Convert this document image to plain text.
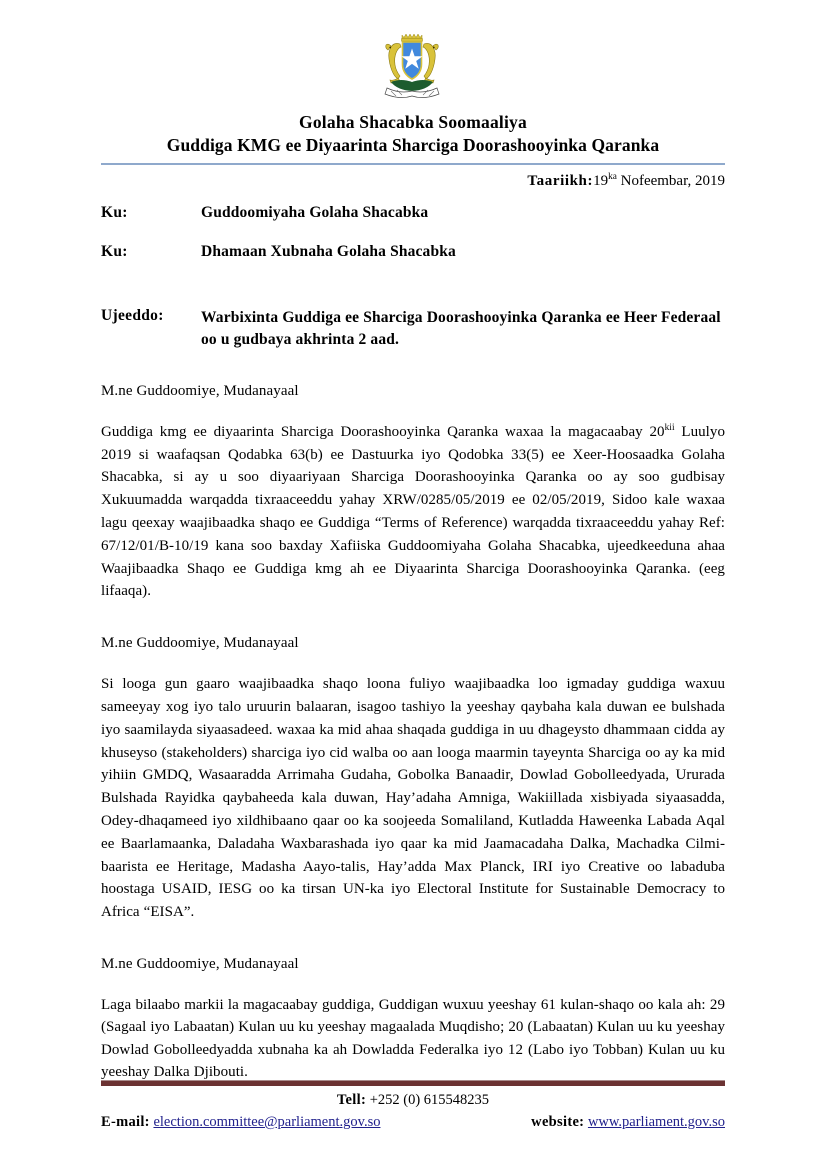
Golaha Shacabka Soomaaliya
Guddiga KMG ee Diyaarinta Sharciga Doorashooyinka Qaranka
$Taariikh:19^{ka}$ Nofeembar, 2019
Ku:	Guddoomiyaha Golaha Shacabka
Ku:	Dhamaan Xubnaha Golaha Shacabka
Ujeeddo:	Warbixinta Guddiga ee Sharciga Doorashooyinka Qaranka ee Heer Federaal oo u gudbaya akhrinta 2 aad.
M.ne Guddoomiye, Mudanayaal
Guddiga kmg ee diyaarinta Sharciga Doorashooyinka Qaranka waxaa la magacaabay $20^{kii}$ Luulyo 2019 si waafaqsan Qodabka 63(b) ee Dastuurka iyo Qodobka 33(5) ee Xeer-Hoosaadka Golaha Shacabka, si ay u soo diyaariyaan Sharciga Doorashooyinka Qaranka oo ay soo gudbisay Xukuumadda warqadda tixraaceeddu yahay XRW/0285/05/2019 ee 02/05/2019, Sidoo kale waxaa lagu qeexay waajibaadka shaqo ee Guddiga “Terms of Reference) warqadda tixraaceeddu yahay Ref: 67/12/01/B-10/19 kana soo baxday Xafiiska Guddoomiyaha Golaha Shacabka, ujeedkeeduna ahaa Waajibaadka Shaqo ee Guddiga kmg ah ee Diyaarinta Sharciga Doorashooyinka Qaranka. (eeg lifaaqa).
M.ne Guddoomiye, Mudanayaal
Si looga gun gaaro waajibaadka shaqo loona fuliyo waajibaadka loo igmaday guddiga waxuu sameeyay xog iyo talo uruurin balaaran, isagoo tashiyo la yeeshay qaybaha kala duwan ee bulshada iyo saamilayda siyaasadeed. waxaa ka mid ahaa shaqada guddiga in uu dhageysto dhammaan cidda ay khuseyso (stakeholders) sharciga iyo cid walba oo aan looga maarmin tayeynta Sharciga oo ay ka mid yihiin GMDQ, Wasaaradda Arrimaha Gudaha, Gobolka Banaadir, Dowlad Gobolleedyada, Ururada Bulshada Rayidka qaybaheeda kala duwan, Hay’adaha Amniga, Wakiillada xisbiyada siyaasadda, Odey-dhaqameed iyo xildhibaano qaar oo ka soojeeda Somaliland, Kutladda Haweenka Labada Aqal ee Baarlamaanka, Daladaha Waxbarashada iyo qaar ka mid Jaamacadaha Dalka, Machadka Cilmi-baarista ee Heritage, Madasha Aayo-talis, Hay’adda Max Planck, IRI iyo Creative oo labaduba hoostaga USAID, IESG oo ka tirsan UN-ka iyo Electoral Institute for Sustainable Democracy to Africa “EISA”.
M.ne Guddoomiye, Mudanayaal
Laga bilaabo markii la magacaabay guddiga, Guddigan wuxuu yeeshay 61 kulan-shaqo oo kala ah: 29 (Sagaal iyo Labaatan) Kulan uu ku yeeshay magaalada Muqdisho; 20 (Labaatan) Kulan uu ku yeeshay Dowlad Gobolleedyadda xubnaha ka ah Dowladda Federalka iyo 12 (Labo iyo Tobban) Kulan uu ku yeeshay Dalka Djibouti.
Tell: +252 (0) 615548235
E-mail: election.committee@parliament.gov.so	website: www.parliament.gov.so
